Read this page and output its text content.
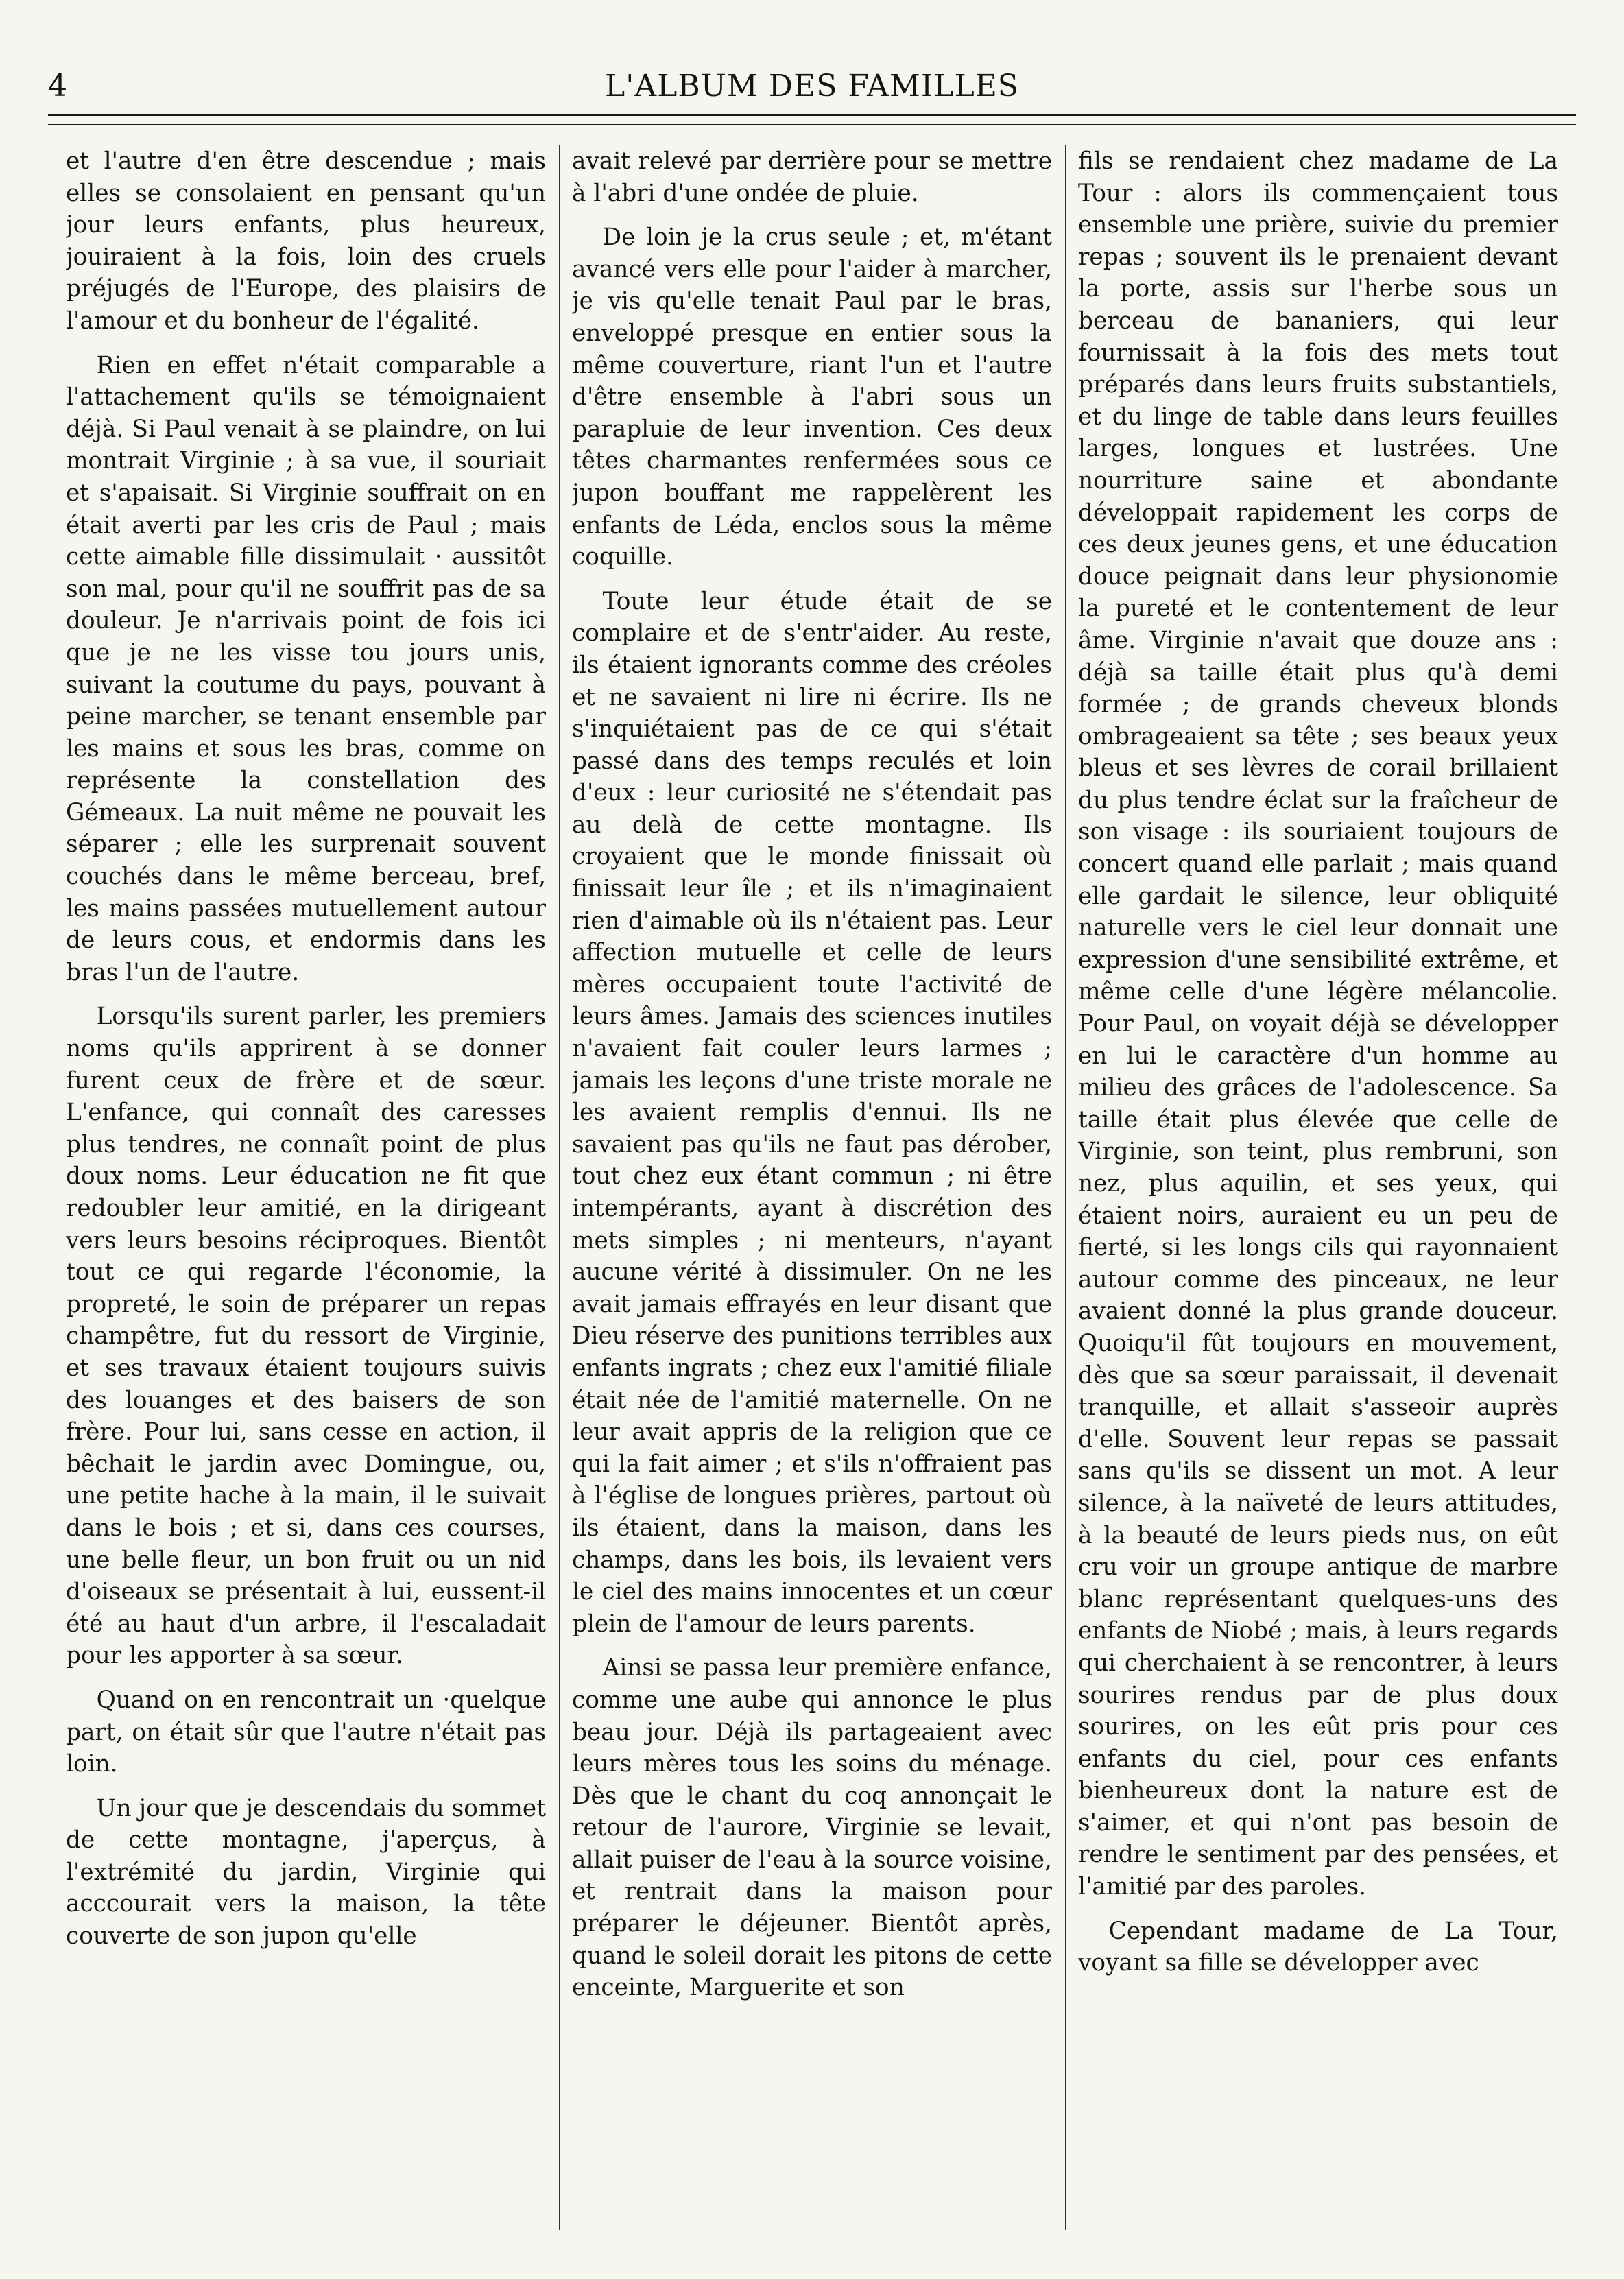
4	L'ALBUM DES FAMILLES

et l'autre d'en être descendue ; mais elles se consolaient en pensant qu'un jour leurs enfants, plus heureux, jouiraient à la fois, loin des cruels préjugés de l'Europe, des plaisirs de l'amour et du bonheur de l'égalité.

Rien en effet n'était comparable a l'attachement qu'ils se témoignaient déjà. Si Paul venait à se plaindre, on lui montrait Virginie ; à sa vue, il souriait et s'apaisait. Si Virginie souffrait on en était averti par les cris de Paul ; mais cette aimable fille dissimulait · aussitôt son mal, pour qu'il ne souffrit pas de sa douleur. Je n'arrivais point de fois ici que je ne les visse tou jours unis, suivant la coutume du pays, pouvant à peine marcher, se tenant ensemble par les mains et sous les bras, comme on représente la constellation des Gémeaux. La nuit même ne pouvait les séparer ; elle les surprenait souvent couchés dans le même berceau, bref, les mains passées mutuellement autour de leurs cous, et endormis dans les bras l'un de l'autre.

Lorsqu'ils surent parler, les premiers noms qu'ils apprirent à se donner furent ceux de frère et de sœur. L'enfance, qui connaît des caresses plus tendres, ne connaît point de plus doux noms. Leur éducation ne fit que redoubler leur amitié, en la dirigeant vers leurs besoins réciproques. Bientôt tout ce qui regarde l'économie, la propreté, le soin de préparer un repas champêtre, fut du ressort de Virginie, et ses travaux étaient toujours suivis des louanges et des baisers de son frère. Pour lui, sans cesse en action, il bêchait le jardin avec Domingue, ou, une petite hache à la main, il le suivait dans le bois ; et si, dans ces courses, une belle fleur, un bon fruit ou un nid d'oiseaux se présentait à lui, eussent-il été au haut d'un arbre, il l'escaladait pour les apporter à sa sœur.

Quand on en rencontrait un ·quelque part, on était sûr que l'autre n'était pas loin.

Un jour que je descendais du sommet de cette montagne, j'aperçus, à l'extrémité du jardin, Virginie qui acccourait vers la maison, la tête couverte de son jupon qu'elle

avait relevé par derrière pour se mettre à l'abri d'une ondée de pluie.

De loin je la crus seule ; et, m'étant avancé vers elle pour l'aider à marcher, je vis qu'elle tenait Paul par le bras, enveloppé presque en entier sous la même couverture, riant l'un et l'autre d'être ensemble à l'abri sous un parapluie de leur invention. Ces deux têtes charmantes renfermées sous ce jupon bouffant me rappelèrent les enfants de Léda, enclos sous la même coquille.

Toute leur étude était de se complaire et de s'entr'aider. Au reste, ils étaient ignorants comme des créoles et ne savaient ni lire ni écrire. Ils ne s'inquiétaient pas de ce qui s'était passé dans des temps reculés et loin d'eux : leur curiosité ne s'étendait pas au delà de cette montagne. Ils croyaient que le monde finissait où finissait leur île ; et ils n'imaginaient rien d'aimable où ils n'étaient pas. Leur affection mutuelle et celle de leurs mères occupaient toute l'activité de leurs âmes. Jamais des sciences inutiles n'avaient fait couler leurs larmes ; jamais les leçons d'une triste morale ne les avaient remplis d'ennui. Ils ne savaient pas qu'ils ne faut pas dérober, tout chez eux étant commun ; ni être intempérants, ayant à discrétion des mets simples ; ni menteurs, n'ayant aucune vérité à dissimuler. On ne les avait jamais effrayés en leur disant que Dieu réserve des punitions terribles aux enfants ingrats ; chez eux l'amitié filiale était née de l'amitié maternelle. On ne leur avait appris de la religion que ce qui la fait aimer ; et s'ils n'offraient pas à l'église de longues prières, partout où ils étaient, dans la maison, dans les champs, dans les bois, ils levaient vers le ciel des mains innocentes et un cœur plein de l'amour de leurs parents.

Ainsi se passa leur première enfance, comme une aube qui annonce le plus beau jour. Déjà ils partageaient avec leurs mères tous les soins du ménage. Dès que le chant du coq annonçait le retour de l'aurore, Virginie se levait, allait puiser de l'eau à la source voisine, et rentrait dans la maison pour préparer le déjeuner. Bientôt après, quand le soleil dorait les pitons de cette enceinte, Marguerite et son

fils se rendaient chez madame de La Tour : alors ils commençaient tous ensemble une prière, suivie du premier repas ; souvent ils le prenaient devant la porte, assis sur l'herbe sous un berceau de bananiers, qui leur fournissait à la fois des mets tout préparés dans leurs fruits substantiels, et du linge de table dans leurs feuilles larges, longues et lustrées. Une nourriture saine et abondante développait rapidement les corps de ces deux jeunes gens, et une éducation douce peignait dans leur physionomie la pureté et le contentement de leur âme. Virginie n'avait que douze ans : déjà sa taille était plus qu'à demi formée ; de grands cheveux blonds ombrageaient sa tête ; ses beaux yeux bleus et ses lèvres de corail brillaient du plus tendre éclat sur la fraîcheur de son visage : ils souriaient toujours de concert quand elle parlait ; mais quand elle gardait le silence, leur obliquité naturelle vers le ciel leur donnait une expression d'une sensibilité extrême, et même celle d'une légère mélancolie. Pour Paul, on voyait déjà se développer en lui le caractère d'un homme au milieu des grâces de l'adolescence. Sa taille était plus élevée que celle de Virginie, son teint, plus rembruni, son nez, plus aquilin, et ses yeux, qui étaient noirs, auraient eu un peu de fierté, si les longs cils qui rayonnaient autour comme des pinceaux, ne leur avaient donné la plus grande douceur. Quoiqu'il fût toujours en mouvement, dès que sa sœur paraissait, il devenait tranquille, et allait s'asseoir auprès d'elle. Souvent leur repas se passait sans qu'ils se dissent un mot. A leur silence, à la naïveté de leurs attitudes, à la beauté de leurs pieds nus, on eût cru voir un groupe antique de marbre blanc représentant quelques-uns des enfants de Niobé ; mais, à leurs regards qui cherchaient à se rencontrer, à leurs sourires rendus par de plus doux sourires, on les eût pris pour ces enfants du ciel, pour ces enfants bienheureux dont la nature est de s'aimer, et qui n'ont pas besoin de rendre le sentiment par des pensées, et l'amitié par des paroles.

Cependant madame de La Tour, voyant sa fille se développer avec
